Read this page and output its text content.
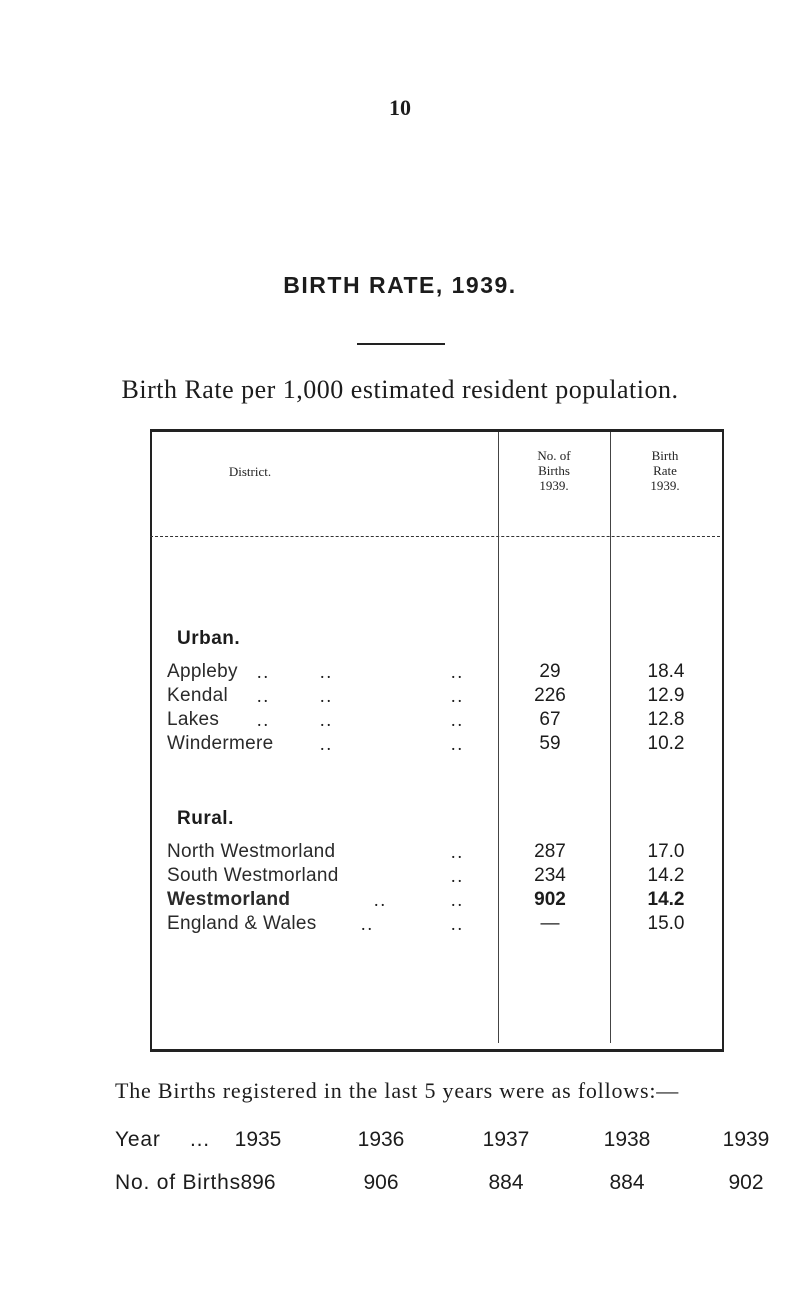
10
BIRTH RATE, 1939.
Birth Rate per 1,000 estimated resident population.
District.
No. of
Births
1939.
Birth
Rate
1939.
Urban.
Appleby ..	..	..	29	18.4
Kendal ..	..	..	226	12.9
Lakes ..	..	..	67	12.8
Windermere	..	..	59	10.2
Rural.
North Westmorland	..	287	17.0
South Westmorland	..	234	14.2
Westmorland	..	..	902	14.2
England & Wales ..	..	—	15.0
The Births registered in the last 5 years were as follows:—
Year ...	1935	1936	1937	1938	1939
No. of Births 896	906	884	884	902
